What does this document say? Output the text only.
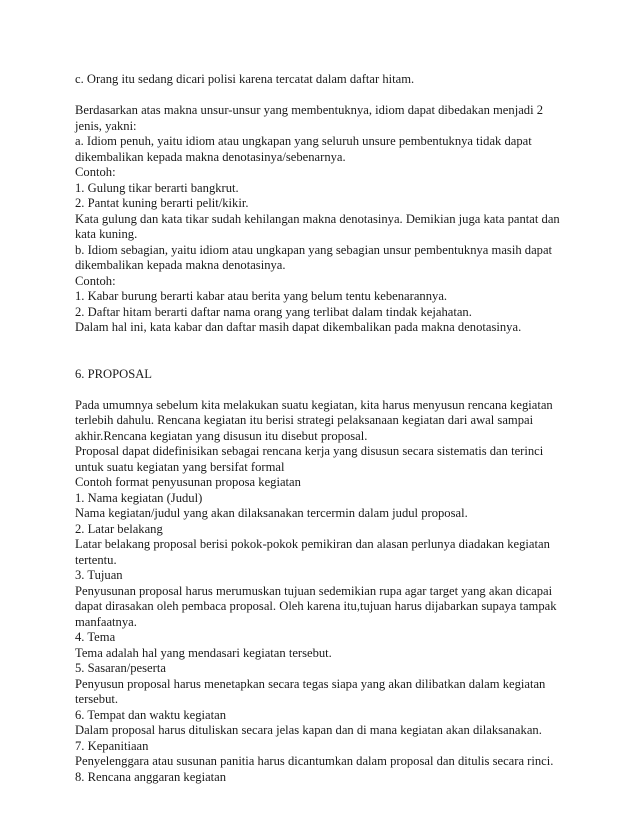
c. Orang itu sedang dicari polisi karena tercatat dalam daftar hitam.
Berdasarkan atas makna unsur-unsur yang membentuknya, idiom dapat dibedakan menjadi 2
jenis, yakni:
a. Idiom penuh, yaitu idiom atau ungkapan yang seluruh unsure pembentuknya tidak dapat
dikembalikan kepada makna denotasinya/sebenarnya.
Contoh:
1. Gulung tikar berarti bangkrut.
2. Pantat kuning berarti pelit/kikir.
Kata gulung dan kata tikar sudah kehilangan makna denotasinya. Demikian juga kata pantat dan
kata kuning.
b. Idiom sebagian, yaitu idiom atau ungkapan yang sebagian unsur pembentuknya masih dapat
dikembalikan kepada makna denotasinya.
Contoh:
1. Kabar burung berarti kabar atau berita yang belum tentu kebenarannya.
2. Daftar hitam berarti daftar nama orang yang terlibat dalam tindak kejahatan.
Dalam hal ini, kata kabar dan daftar masih dapat dikembalikan pada makna denotasinya.
6. PROPOSAL
Pada umumnya sebelum kita melakukan suatu kegiatan, kita harus menyusun rencana kegiatan
terlebih dahulu. Rencana kegiatan itu berisi strategi pelaksanaan kegiatan dari awal sampai
akhir.Rencana kegiatan yang disusun itu disebut proposal.
Proposal dapat didefinisikan sebagai rencana kerja yang disusun secara sistematis dan terinci
untuk suatu kegiatan yang bersifat formal
Contoh format penyusunan proposa kegiatan
1. Nama kegiatan (Judul)
Nama kegiatan/judul yang akan dilaksanakan tercermin dalam judul proposal.
2. Latar belakang
Latar belakang proposal berisi pokok-pokok pemikiran dan alasan perlunya diadakan kegiatan
tertentu.
3. Tujuan
Penyusunan proposal harus merumuskan tujuan sedemikian rupa agar target yang akan dicapai
dapat dirasakan oleh pembaca proposal. Oleh karena itu,tujuan harus dijabarkan supaya tampak
manfaatnya.
4. Tema
Tema adalah hal yang mendasari kegiatan tersebut.
5. Sasaran/peserta
Penyusun proposal harus menetapkan secara tegas siapa yang akan dilibatkan dalam kegiatan
tersebut.
6. Tempat dan waktu kegiatan
Dalam proposal harus dituliskan secara jelas kapan dan di mana kegiatan akan dilaksanakan.
7. Kepanitiaan
Penyelenggara atau susunan panitia harus dicantumkan dalam proposal dan ditulis secara rinci.
8. Rencana anggaran kegiatan
